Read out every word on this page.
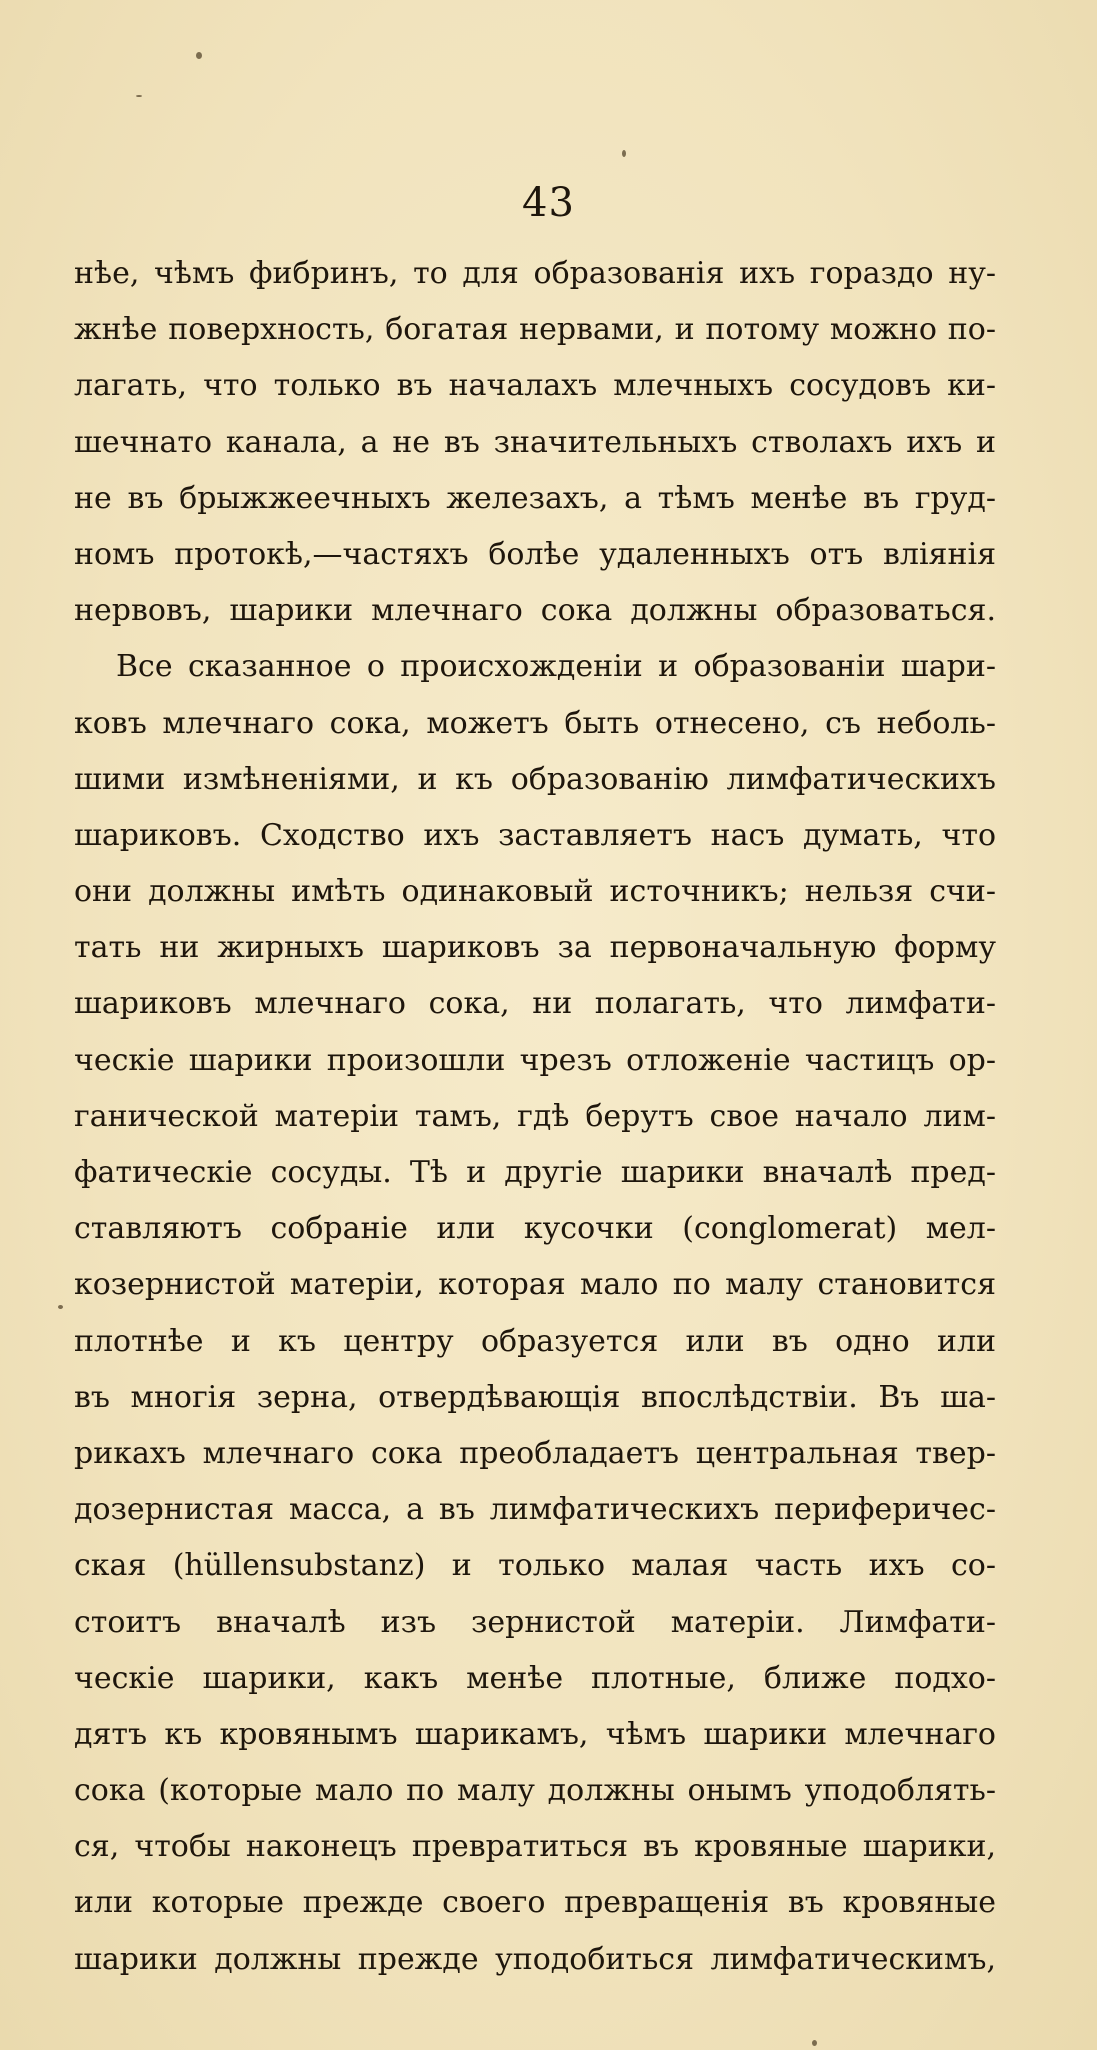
43
нѣе, чѣмъ фибринъ, то для образованія ихъ гораздо ну-
жнѣе поверхность, богатая нервами, и потому можно по-
лагать, что только въ началахъ млечныхъ сосудовъ ки-
шечнато канала, а не въ значительныхъ стволахъ ихъ и
не въ брыжжеечныхъ железахъ, а тѣмъ менѣе въ груд-
номъ протокѣ,—частяхъ болѣе удаленныхъ отъ вліянія
нервовъ, шарики млечнаго сока должны образоваться.
Все сказанное о происхожденіи и образованіи шари-
ковъ млечнаго сока, можетъ быть отнесено, съ неболь-
шими измѣненіями, и къ образованію лимфатическихъ
шариковъ. Сходство ихъ заставляетъ насъ думать, что
они должны имѣть одинаковый источникъ; нельзя счи-
тать ни жирныхъ шариковъ за первоначальную форму
шариковъ млечнаго сока, ни полагать, что лимфати-
ческіе шарики произошли чрезъ отложеніе частицъ ор-
ганической матеріи тамъ, гдѣ берутъ свое начало лим-
фатическіе сосуды. Тѣ и другіе шарики вначалѣ пред-
ставляютъ собраніе или кусочки (conglomerat) мел-
козернистой матеріи, которая мало по малу становится
плотнѣе и къ центру образуется или въ одно или
въ многія зерна, отвердѣвающія впослѣдствіи. Въ ша-
рикахъ млечнаго сока преобладаетъ центральная твер-
дозернистая масса, а въ лимфатическихъ периферичес-
ская (hüllensubstanz) и только малая часть ихъ со-
стоитъ вначалѣ изъ зернистой матеріи. Лимфати-
ческіе шарики, какъ менѣе плотные, ближе подхо-
дятъ къ кровянымъ шарикамъ, чѣмъ шарики млечнаго
сока (которые мало по малу должны онымъ уподоблять-
ся, чтобы наконецъ превратиться въ кровяные шарики,
или которые прежде своего превращенія въ кровяные
шарики должны прежде уподобиться лимфатическимъ,
